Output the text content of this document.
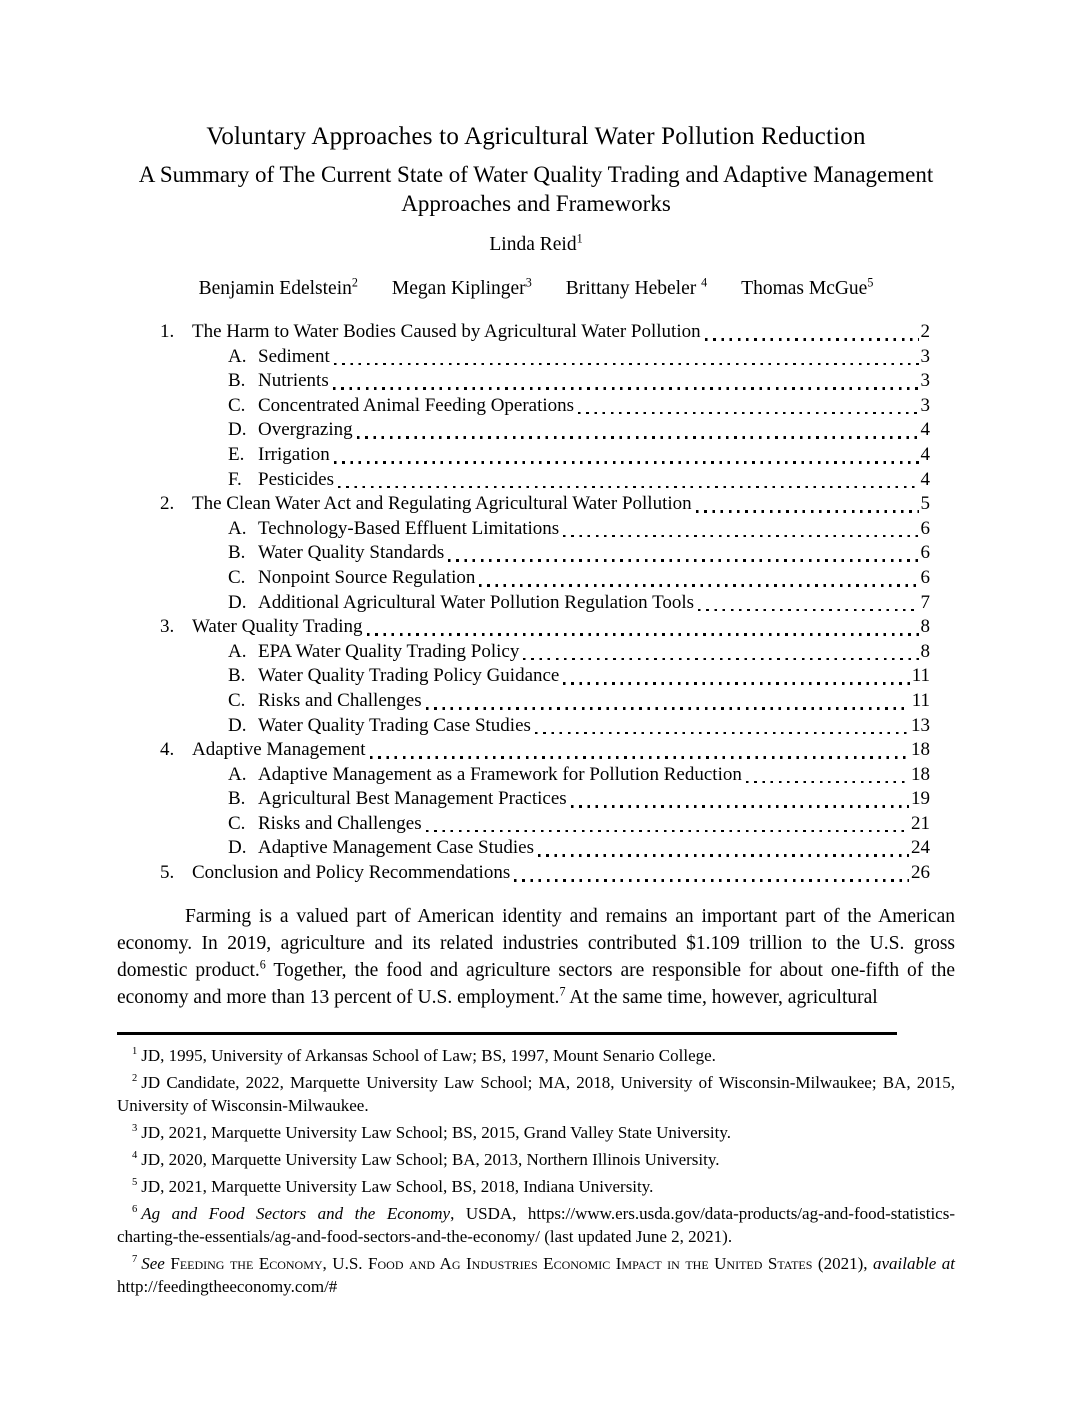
Voluntary Approaches to Agricultural Water Pollution Reduction
A Summary of The Current State of Water Quality Trading and Adaptive Management
Approaches and Frameworks
Linda Reid$^1$
Benjamin Edelstein$^2$ Megan Kiplinger$^3$ Brittany Hebeler $^4$ Thomas McGue$^5$
1. The Harm to Water Bodies Caused by Agricultural Water Pollution	2
A. Sediment	3
B. Nutrients	3
C. Concentrated Animal Feeding Operations	3
D. Overgrazing	4
E. Irrigation	4
F. Pesticides	4
2. The Clean Water Act and Regulating Agricultural Water Pollution	5
A. Technology-Based Effluent Limitations	6
B. Water Quality Standards	6
C. Nonpoint Source Regulation	6
D. Additional Agricultural Water Pollution Regulation Tools	7
3. Water Quality Trading	8
A. EPA Water Quality Trading Policy	8
B. Water Quality Trading Policy Guidance	11
C. Risks and Challenges	11
D. Water Quality Trading Case Studies	13
4. Adaptive Management	18
A. Adaptive Management as a Framework for Pollution Reduction	18
B. Agricultural Best Management Practices	19
C. Risks and Challenges	21
D. Adaptive Management Case Studies	24
5. Conclusion and Policy Recommendations	26

Farming is a valued part of American identity and remains an important part of the American economy. In 2019, agriculture and its related industries contributed $1.109 trillion to the U.S. gross domestic product.$^6$ Together, the food and agriculture sectors are responsible for about one-fifth of the economy and more than 13 percent of U.S. employment.$^7$ At the same time, however, agricultural

$^1$ JD, 1995, University of Arkansas School of Law; BS, 1997, Mount Senario College.

$^2$ JD Candidate, 2022, Marquette University Law School; MA, 2018, University of Wisconsin-Milwaukee; BA, 2015, University of Wisconsin-Milwaukee.

$^3$ JD, 2021, Marquette University Law School; BS, 2015, Grand Valley State University.

$^4$ JD, 2020, Marquette University Law School; BA, 2013, Northern Illinois University.

$^5$ JD, 2021, Marquette University Law School, BS, 2018, Indiana University.

$^6$ Ag and Food Sectors and the Economy, USDA, https://www.ers.usda.gov/data-products/ag-and-food-statistics-charting-the-essentials/ag-and-food-sectors-and-the-economy/ (last updated June 2, 2021).

$^7$ See Feeding the Economy, U.S. Food and Ag Industries Economic Impact in the United States (2021), available at http://feedingtheeconomy.com/#
